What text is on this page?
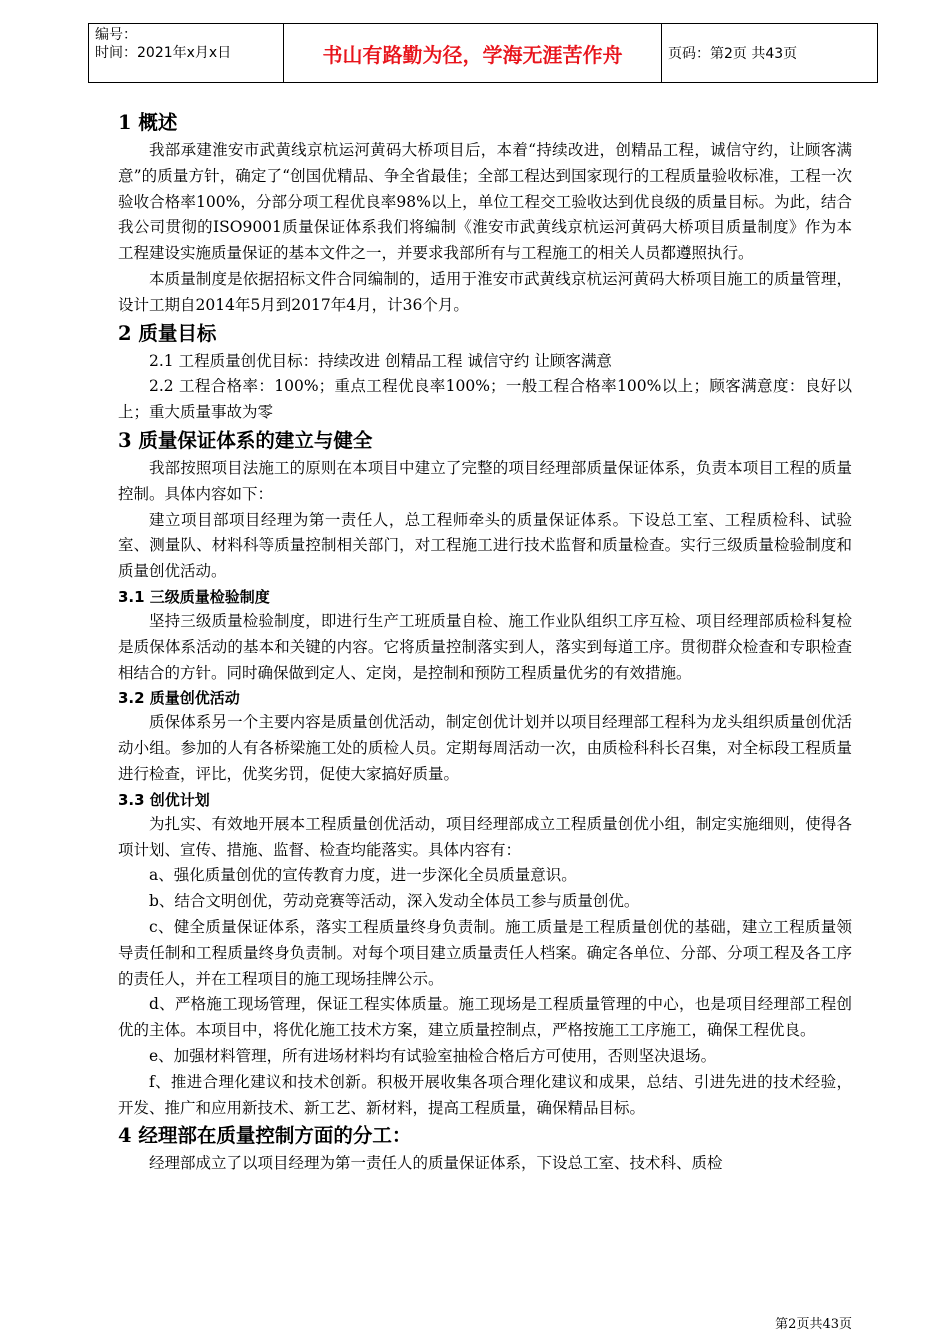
编号：
时间：2021年x月x日	书山有路勤为径，学海无涯苦作舟	页码：第2页 共43页
1 概述

我部承建淮安市武黄线京杭运河黄码大桥项目后，本着“持续改进，创精品工程，诚信守约，让顾客满意”的质量方针，确定了“创国优精品、争全省最佳；全部工程达到国家现行的工程质量验收标准，工程一次验收合格率100%，分部分项工程优良率98%以上，单位工程交工验收达到优良级的质量目标。为此，结合我公司贯彻的ISO9001质量保证体系我们将编制《淮安市武黄线京杭运河黄码大桥项目质量制度》作为本工程建设实施质量保证的基本文件之一，并要求我部所有与工程施工的相关人员都遵照执行。

本质量制度是依据招标文件合同编制的，适用于淮安市武黄线京杭运河黄码大桥项目施工的质量管理，设计工期自2014年5月到2017年4月，计36个月。

2 质量目标

2.1 工程质量创优目标：持续改进 创精品工程 诚信守约 让顾客满意

2.2 工程合格率：100%；重点工程优良率100%；一般工程合格率100%以上；顾客满意度：良好以上；重大质量事故为零

3 质量保证体系的建立与健全

我部按照项目法施工的原则在本项目中建立了完整的项目经理部质量保证体系，负责本项目工程的质量控制。具体内容如下：

建立项目部项目经理为第一责任人，总工程师牵头的质量保证体系。下设总工室、工程质检科、试验室、测量队、材料科等质量控制相关部门，对工程施工进行技术监督和质量检查。实行三级质量检验制度和质量创优活动。

3.1 三级质量检验制度

坚持三级质量检验制度，即进行生产工班质量自检、施工作业队组织工序互检、项目经理部质检科复检是质保体系活动的基本和关键的内容。它将质量控制落实到人，落实到每道工序。贯彻群众检查和专职检查相结合的方针。同时确保做到定人、定岗，是控制和预防工程质量优劣的有效措施。

3.2 质量创优活动

质保体系另一个主要内容是质量创优活动，制定创优计划并以项目经理部工程科为龙头组织质量创优活动小组。参加的人有各桥梁施工处的质检人员。定期每周活动一次，由质检科科长召集，对全标段工程质量进行检查，评比，优奖劣罚，促使大家搞好质量。

3.3 创优计划

为扎实、有效地开展本工程质量创优活动，项目经理部成立工程质量创优小组，制定实施细则，使得各项计划、宣传、措施、监督、检查均能落实。具体内容有：

a、强化质量创优的宣传教育力度，进一步深化全员质量意识。

b、结合文明创优，劳动竞赛等活动，深入发动全体员工参与质量创优。

c、健全质量保证体系，落实工程质量终身负责制。施工质量是工程质量创优的基础，建立工程质量领导责任制和工程质量终身负责制。对每个项目建立质量责任人档案。确定各单位、分部、分项工程及各工序的责任人，并在工程项目的施工现场挂牌公示。

d、严格施工现场管理，保证工程实体质量。施工现场是工程质量管理的中心，也是项目经理部工程创优的主体。本项目中，将优化施工技术方案，建立质量控制点，严格按施工工序施工，确保工程优良。

e、加强材料管理，所有进场材料均有试验室抽检合格后方可使用，否则坚决退场。

f、推进合理化建议和技术创新。积极开展收集各项合理化建议和成果，总结、引进先进的技术经验，开发、推广和应用新技术、新工艺、新材料，提高工程质量，确保精品目标。

4 经理部在质量控制方面的分工：

经理部成立了以项目经理为第一责任人的质量保证体系，下设总工室、技术科、质检

第2页共43页
